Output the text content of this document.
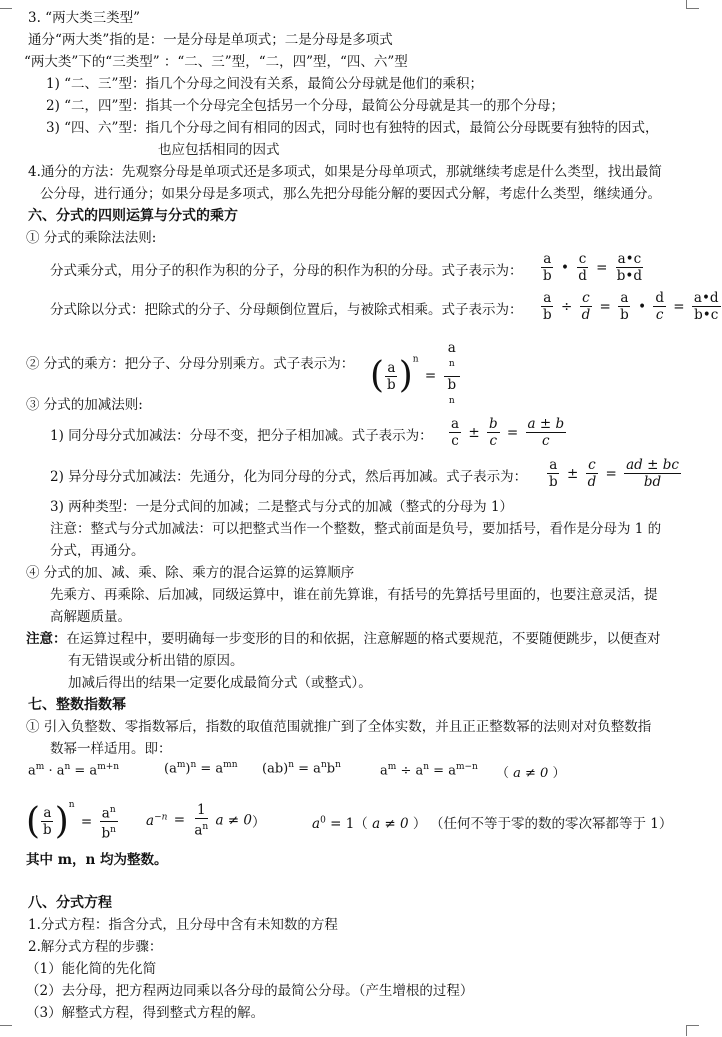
3. “两大类三类型”
通分“两大类”指的是：一是分母是单项式；二是分母是多项式
“两大类”下的“三类型” ：“二、三”型，“二，四”型，“四、六”型
1) “二、三”型：指几个分母之间没有关系，最简公分母就是他们的乘积；
2) “二，四”型：指其一个分母完全包括另一个分母，最简公分母就是其一的那个分母；
3) “四、六”型：指几个分母之间有相同的因式，同时也有独特的因式，最简公分母既要有独特的因式，
也应包括相同的因式
4.通分的方法：先观察分母是单项式还是多项式，如果是分母单项式，那就继续考虑是什么类型，找出最简
公分母，进行通分；如果分母是多项式，那么先把分母能分解的要因式分解，考虑什么类型，继续通分。
六、分式的四则运算与分式的乘方
① 分式的乘除法法则:
分式乘分式，用分子的积作为积的分子，分母的积作为积的分母。式子表示为： $\frac{a}{b}$ • $\frac{c}{d} = \frac{a•c}{b•d}$
分式除以分式：把除式的分子、分母颠倒位置后，与被除式相乘。式子表示为： $\frac{a}{b} \div \frac{c}{d} = \frac{a}{b}$ • $\frac{d}{c} = \frac{a•d}{b•c}$
② 分式的乘方：把分子、分母分别乘方。式子表示为： ( a
b ) $^n$ = a
$^n$
b
$^n$
③ 分式的加减法则:
1) 同分母分式加减法：分母不变，把分子相加减。式子表示为： $\frac{a}{c} \pm \frac{b}{c} = \frac{a \pm b}{c}$
2) 异分母分式加减法：先通分，化为同分母的分式，然后再加减。式子表示为： $\frac{a}{b} \pm \frac{c}{d} = \frac{ad \pm bc}{bd}$
3) 两种类型：一是分式间的加减；二是整式与分式的加减（整式的分母为 1）
注意：整式与分式加减法：可以把整式当作一个整数，整式前面是负号，要加括号，看作是分母为 1 的
分式，再通分。
④ 分式的加、减、乘、除、乘方的混合运算的运算顺序
先乘方、再乘除、后加减，同级运算中，谁在前先算谁，有括号的先算括号里面的，也要注意灵活，提
高解题质量。
注意：在运算过程中，要明确每一步变形的目的和依据，注意解题的格式要规范，不要随便跳步，以便查对
有无错误或分析出错的原因。
加减后得出的结果一定要化成最简分式（或整式）。
七、整数指数幂
① 引入负整数、零指数幂后，指数的取值范围就推广到了全体实数，并且正正整数幂的法则对对负整数指
数幂一样适用。即：
$a^m \cdot a^n = a^{m+n}$	$(a^m)^n = a^{mn}$ $(ab)^n = a^nb^n$	$a^m \div a^n = a^{m-n}$ （ a ≠ 0 ）
( a
b ) $^n = \frac{a^n}{b^n} a^{-n} = \frac{1}{a^n}$ a ≠ 0）	$a^0 = 1$（ a ≠ 0 ） （任何不等于零的数的零次幂都等于 1）
其中 m，n 均为整数。
八、分式方程
1.分式方程：指含分式，且分母中含有未知数的方程
2.解分式方程的步骤：
（1）能化简的先化简
（2）去分母，把方程两边同乘以各分母的最简公分母。（产生增根的过程）
（3）解整式方程，得到整式方程的解。
